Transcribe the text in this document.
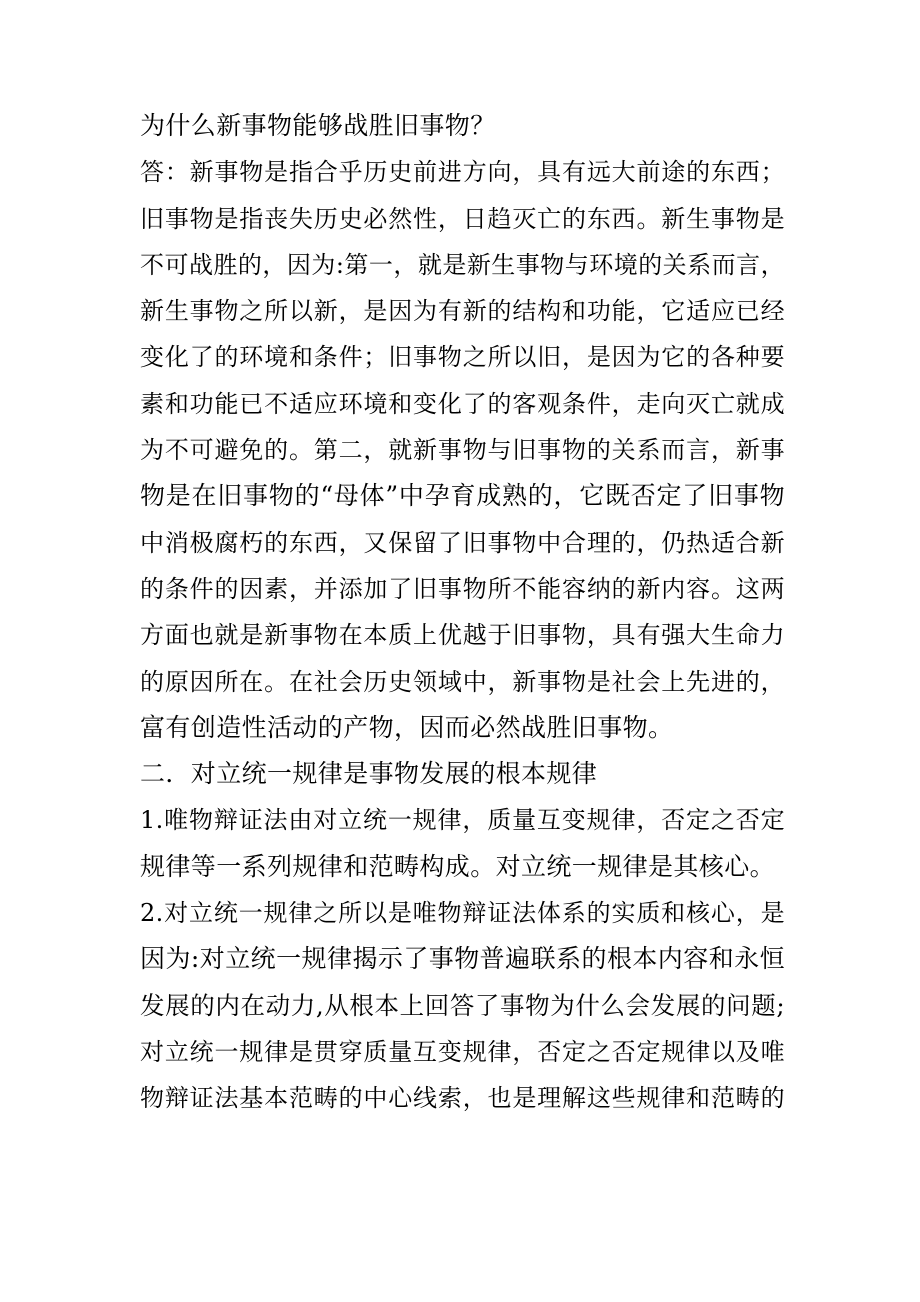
为什么新事物能够战胜旧事物？
答：新事物是指合乎历史前进方向，具有远大前途的东西；
旧事物是指丧失历史必然性，日趋灭亡的东西。新生事物是
不可战胜的，因为:第一，就是新生事物与环境的关系而言，
新生事物之所以新，是因为有新的结构和功能，它适应已经
变化了的环境和条件；旧事物之所以旧，是因为它的各种要
素和功能已不适应环境和变化了的客观条件，走向灭亡就成
为不可避免的。第二，就新事物与旧事物的关系而言，新事
物是在旧事物的“母体”中孕育成熟的，它既否定了旧事物
中消极腐朽的东西，又保留了旧事物中合理的，仍热适合新
的条件的因素，并添加了旧事物所不能容纳的新内容。这两
方面也就是新事物在本质上优越于旧事物，具有强大生命力
的原因所在。在社会历史领域中，新事物是社会上先进的，
富有创造性活动的产物，因而必然战胜旧事物。
二．对立统一规律是事物发展的根本规律
1.唯物辩证法由对立统一规律，质量互变规律，否定之否定
规律等一系列规律和范畴构成。对立统一规律是其核心。
2.对立统一规律之所以是唯物辩证法体系的实质和核心，是
因为:对立统一规律揭示了事物普遍联系的根本内容和永恒
发展的内在动力,从根本上回答了事物为什么会发展的问题;
对立统一规律是贯穿质量互变规律，否定之否定规律以及唯
物辩证法基本范畴的中心线索，也是理解这些规律和范畴的
